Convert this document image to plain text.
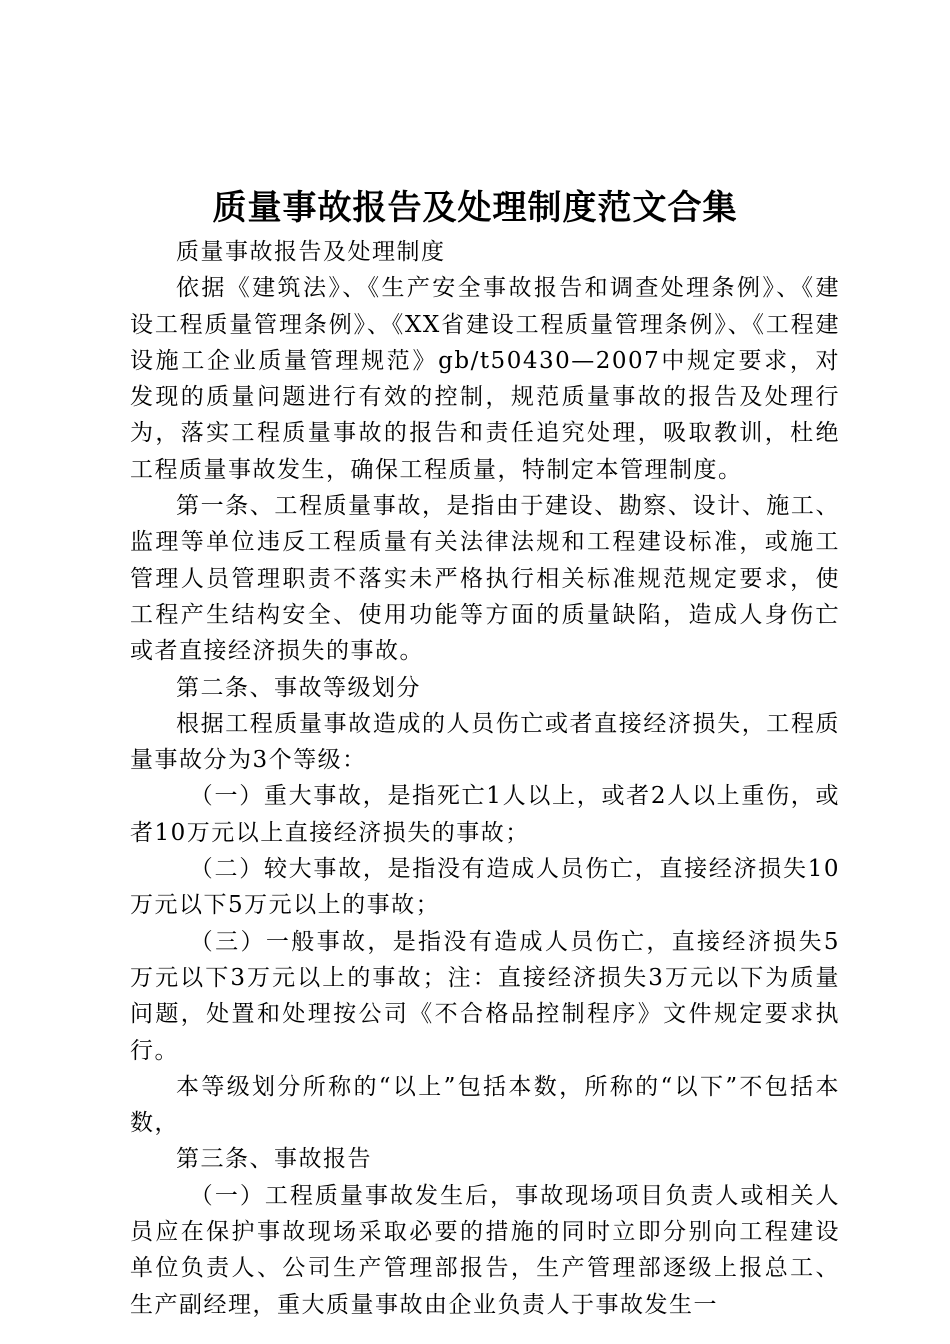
质量事故报告及处理制度范文合集

质量事故报告及处理制度

依据《建筑法》、《生产安全事故报告和调查处理条例》、《建设工程质量管理条例》、《XX省建设工程质量管理条例》、《工程建设施工企业质量管理规范》gb/t50430—2007中规定要求，对发现的质量问题进行有效的控制，规范质量事故的报告及处理行为，落实工程质量事故的报告和责任追究处理，吸取教训，杜绝工程质量事故发生，确保工程质量，特制定本管理制度。

第一条、工程质量事故，是指由于建设、勘察、设计、施工、监理等单位违反工程质量有关法律法规和工程建设标准，或施工管理人员管理职责不落实未严格执行相关标准规范规定要求，使工程产生结构安全、使用功能等方面的质量缺陷，造成人身伤亡或者直接经济损失的事故。

第二条、事故等级划分

根据工程质量事故造成的人员伤亡或者直接经济损失，工程质量事故分为3个等级：

（一）重大事故，是指死亡1人以上，或者2人以上重伤，或者10万元以上直接经济损失的事故；

（二）较大事故，是指没有造成人员伤亡，直接经济损失10万元以下5万元以上的事故；

（三）一般事故，是指没有造成人员伤亡，直接经济损失5万元以下3万元以上的事故；注：直接经济损失3万元以下为质量问题，处置和处理按公司《不合格品控制程序》文件规定要求执行。

本等级划分所称的“以上”包括本数，所称的“以下”不包括本数，

第三条、事故报告

（一）工程质量事故发生后，事故现场项目负责人或相关人员应在保护事故现场采取必要的措施的同时立即分别向工程建设单位负责人、公司生产管理部报告，生产管理部逐级上报总工、生产副经理，重大质量事故由企业负责人于事故发生一
